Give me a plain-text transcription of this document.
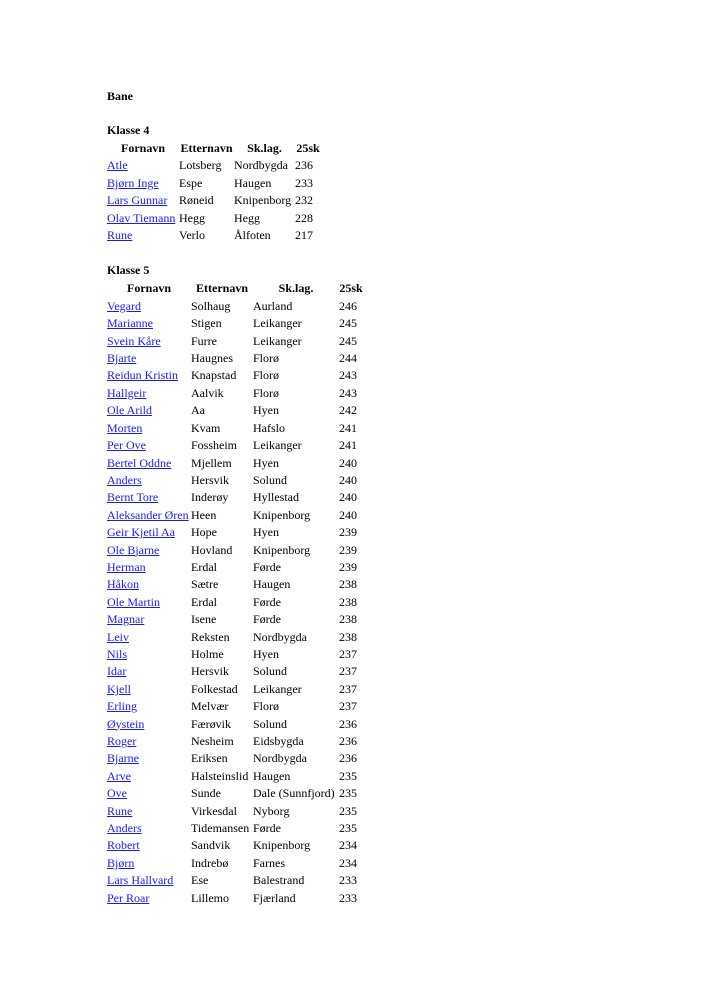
Bane
Klasse 4
Fornavn	Etternavn	Sk.lag.	25sk
Atle	Lotsberg	Nordbygda	236
Bjørn Inge	Espe	Haugen	233
Lars Gunnar	Røneid	Knipenborg	232
Olav Tiemann	Hegg	Hegg	228
Rune	Verlo	Ålfoten	217
Klasse 5
Fornavn	Etternavn	Sk.lag.	25sk
Vegard	Solhaug	Aurland	246
Marianne	Stigen	Leikanger	245
Svein Kåre	Furre	Leikanger	245
Bjarte	Haugnes	Florø	244
Reidun Kristin	Knapstad	Florø	243
Hallgeir	Aalvik	Florø	243
Ole Arild	Aa	Hyen	242
Morten	Kvam	Hafslo	241
Per Ove	Fossheim	Leikanger	241
Bertel Oddne	Mjellem	Hyen	240
Anders	Hersvik	Solund	240
Bernt Tore	Inderøy	Hyllestad	240
Aleksander Øren	Heen	Knipenborg	240
Geir Kjetil Aa	Hope	Hyen	239
Ole Bjarne	Hovland	Knipenborg	239
Herman	Erdal	Førde	239
Håkon	Sætre	Haugen	238
Ole Martin	Erdal	Førde	238
Magnar	Isene	Førde	238
Leiv	Reksten	Nordbygda	238
Nils	Holme	Hyen	237
Idar	Hersvik	Solund	237
Kjell	Folkestad	Leikanger	237
Erling	Melvær	Florø	237
Øystein	Færøvik	Solund	236
Roger	Nesheim	Eidsbygda	236
Bjarne	Eriksen	Nordbygda	236
Arve	Halsteinslid	Haugen	235
Ove	Sunde	Dale (Sunnfjord)	235
Rune	Virkesdal	Nyborg	235
Anders	Tidemansen	Førde	235
Robert	Sandvik	Knipenborg	234
Bjørn	Indrebø	Farnes	234
Lars Hallvard	Ese	Balestrand	233
Per Roar	Lillemo	Fjærland	233
